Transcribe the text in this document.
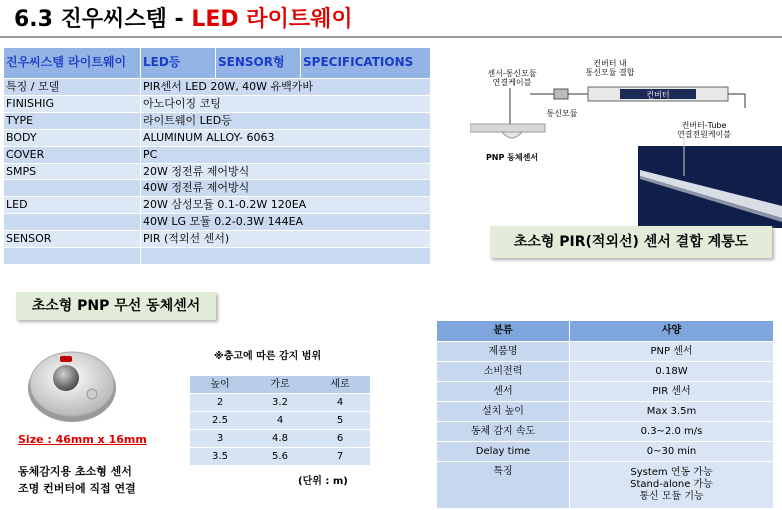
6.3 진우씨스템 - LED 라이트웨이
진우씨스템 라이트웨이	LED등	SENSOR형	SPECIFICATIONS
특징 / 모델	PIR센서 LED 20W, 40W 유백카바		
FINISHIG	아노다이징 코팅		
TYPE	라이트웨이 LED등		
BODY	ALUMINUM ALLOY- 6063		
COVER	PC		
SMPS	20W 정전류 제어방식		
	40W 정전류 제어방식		
LED	20W 삼성모듈 0.1-0.2W 120EA		
	40W LG 모듈 0.2-0.3W 144EA		
SENSOR	PIR (적외선 센서)		

센서-통신모듈 연결케이블
컨버터 내 통신모듈 결합
통신모듈
컨버터
컨버터-Tube 연결전원케이블
PNP 동체센서
초소형 PIR(적외선) 센서 결합 계통도
초소형 PNP 무선 동체센서
Size : 46mm x 16mm
동체감지용 초소형 센서
조명 컨버터에 직접 연결
※층고에 따른 감지 범위
높이	가로	세로
2	3.2	4
2.5	4	5
3	4.8	6
3.5	5.6	7
(단위 : m)
분류	사양
제품명	PNP 센서
소비전력	0.18W
센서	PIR 센서
설치 높이	Max 3.5m
동체 감지 속도	0.3~2.0 m/s
Delay time	0~30 min
특징	System 연동 가능
Stand-alone 가능
통신 모듈 기능
